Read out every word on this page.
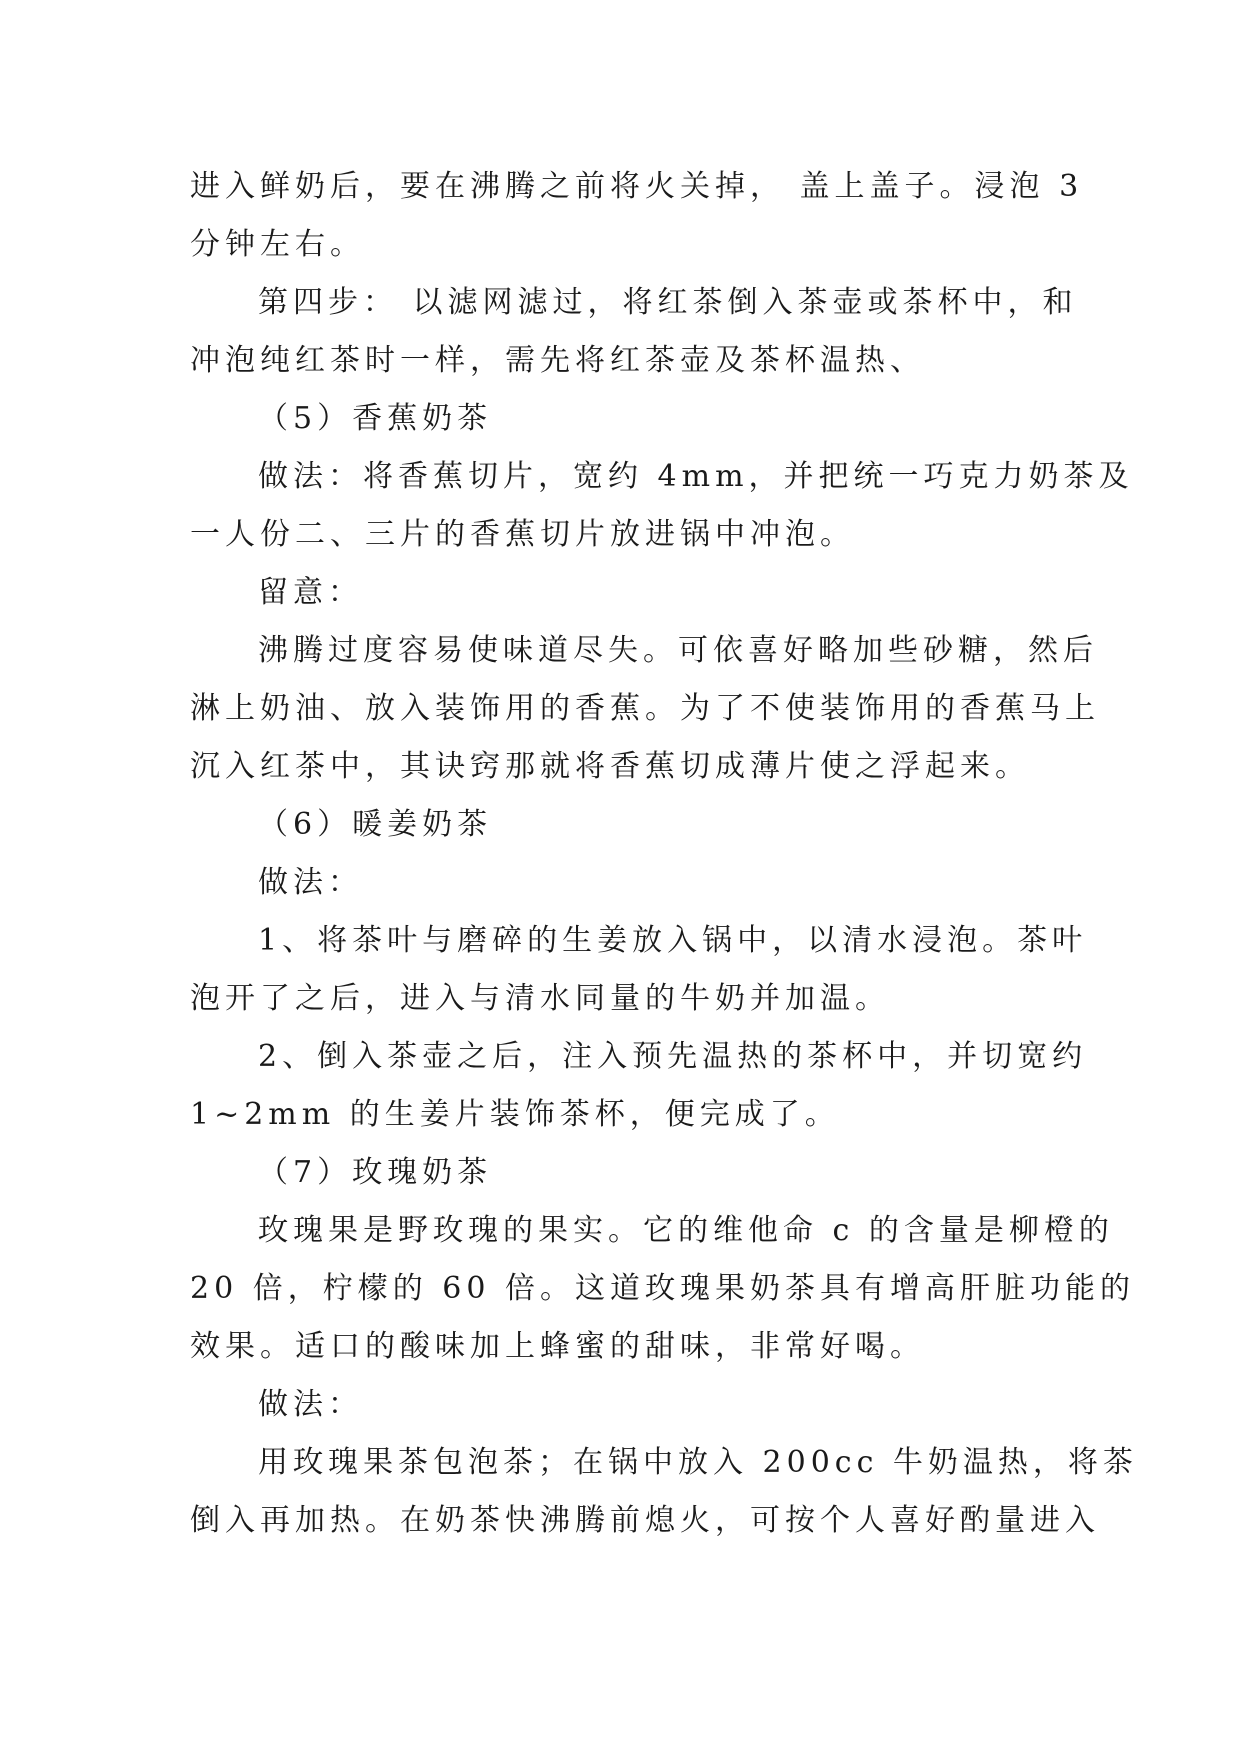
进入鲜奶后，要在沸腾之前将火关掉， 盖上盖子。浸泡 3
分钟左右。
第四步： 以滤网滤过，将红茶倒入茶壶或茶杯中，和
冲泡纯红茶时一样，需先将红茶壶及茶杯温热、
（5）香蕉奶茶
做法：将香蕉切片，宽约 4mm，并把统一巧克力奶茶及
一人份二、三片的香蕉切片放进锅中冲泡。
留意：
沸腾过度容易使味道尽失。可依喜好略加些砂糖，然后
淋上奶油、放入装饰用的香蕉。为了不使装饰用的香蕉马上
沉入红茶中，其诀窍那就将香蕉切成薄片使之浮起来。
（6）暖姜奶茶
做法：
1、将茶叶与磨碎的生姜放入锅中，以清水浸泡。茶叶
泡开了之后，进入与清水同量的牛奶并加温。
2、倒入茶壶之后，注入预先温热的茶杯中，并切宽约
1~2mm 的生姜片装饰茶杯，便完成了。
（7）玫瑰奶茶
玫瑰果是野玫瑰的果实。它的维他命 c 的含量是柳橙的
20 倍，柠檬的 60 倍。这道玫瑰果奶茶具有增高肝脏功能的
效果。适口的酸味加上蜂蜜的甜味，非常好喝。
做法：
用玫瑰果茶包泡茶；在锅中放入 200cc 牛奶温热，将茶
倒入再加热。在奶茶快沸腾前熄火，可按个人喜好酌量进入
